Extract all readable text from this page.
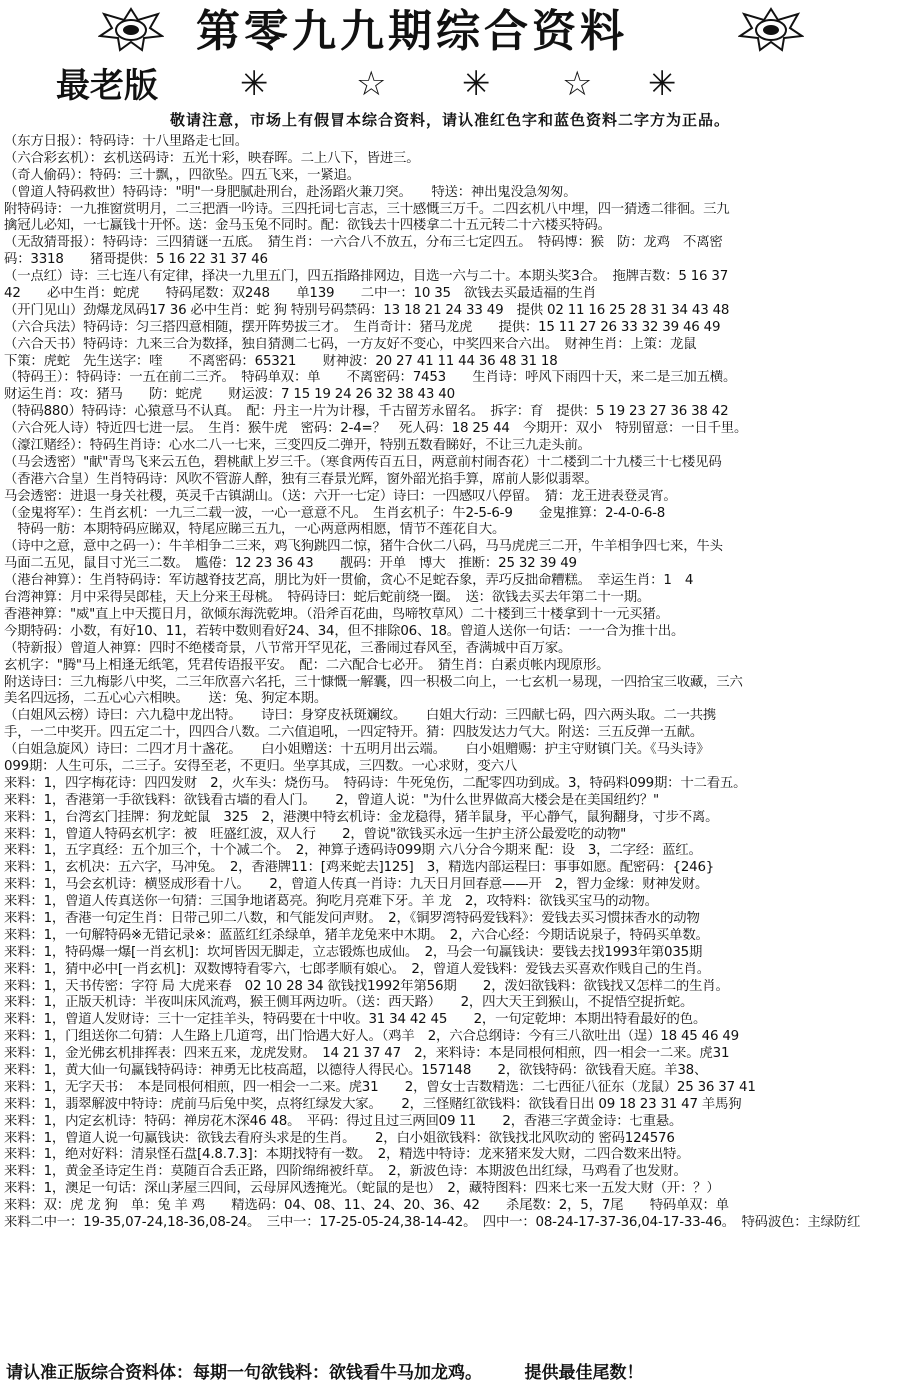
第零九九期综合资料
最老版 ✳	☆ ✳ ☆ ✳
敬请注意，市场上有假冒本综合资料，请认准红色字和蓝色资料二字方为正品。
（东方日报）：特码诗：十八里路走七回。
（六合彩玄机）：玄机送码诗：五光十彩，映春晖。二上八下，皆进三。
（奇人偷码）：特码：三十飘，，四欲坠。四五飞来，一紧追。
（曾道人特码救世）特码诗："明"一身肥腻赴刑台，赴汤蹈火兼刀突。　　特送：神出鬼没急匆匆。
附特码诗：一九推窗赏明月，二三把酒一吟诗。三四托词七言志，三十感慨三万千。二四玄机八中埋，四一猜透二徘徊。三九
擒冠儿必知，一七赢钱十开怀。送：金马玉兔不同时。配：欲钱去十四楼拿二十五元转二十六楼买特码。
（无敌猜哥报）：特码诗：三四猜谜一五底。　猜生肖：一六合八不放五，分布三七定四五。　特码博：猴　防：龙鸡　不离密
码：3318　　猪哥提供：5 16 22 31 37 46
（一点红）诗：三七连八有定律，择决一九里五门，四五指路排网边，目选一六与二十。本期头奖3合。　拖牌吉数：5 16 37
42　　必中生肖：蛇虎　　特码尾数：双248　　单139　　二中一：10 35　欲钱去买最适福的生肖
（开门见山）劲爆龙凤码17 36 必中生肖：蛇 狗 特别号码禁码：13 18 21 24 33 49　提供 02 11 16 25 28 31 34 43 48
（六合兵法）特码诗：匀三搭四意相随，摆开阵势拔三才。　生肖奇计：猪马龙虎　　提供：15 11 27 26 33 32 39 46 49
（六合天书）特码诗：九来三合为数择，独自猜测二七码，一方友好不变心，中奖四来合六出。　财神生肖：上策：龙鼠
下策：虎蛇　先生送字：喹　　不离密码：65321　　财神波：20 27 41 11 44 36 48 31 18
（特码王）：特码诗：一五在前二三齐。　特码单双：单　　不离密码：7453　　生肖诗：呼风下雨四十天，来二是三加五横。
财运生肖：攻：猪马　　防：蛇虎　　财运波：7 15 19 24 26 32 38 43 40
（特码880）特码诗：心猿意马不认真。　配：丹主一片为计穆，千古留芳永留名。　拆字：育　提供：5 19 23 27 36 38 42
（六合死人诗）特近四七进一层。　生肖：猴牛虎　密码：2-4=？　死人码：18 25 44　今期开：双小　特别留意：一日千里。
（濠江赌经）：特码生肖诗：心水二八一七来，三变四反二弹开，特别五数看睇好，不让三九走头前。
（马会透密）"献"青鸟飞来云五色，碧桃献上岁三千。（寒食两传百五日，两意前村闹杏花）十二楼到二十九楼三十七楼见码
（香港六合皇）生肖特码诗：风吹不管游人醉，独有三春景光辉，窗外韶光掐手算，席前人影似翡翠。
马会透密：进退一身关社稷，英灵千古镇湖山。（送：六开一七定）诗曰：一四感叹八停留。　猜：龙王进表登灵宵。
（金鬼将军）：生肖玄机：一九三二载一波，一心一意意不凡。　生肖玄机子：牛2-5-6-9　　金鬼推算：2-4-0-6-8
　特码一舫：本期特码应睇双，特尾应睇三五九，一心两意两相愿，情节不莲花自大。
（诗中之意，意中之码一）：牛羊相争二三来，鸡飞狗跳四二惊，猪牛合伙二八码，马马虎虎三二开，牛羊相争四七来，牛头
马面二五见，鼠目寸光三二数。　尴倦：12 23 36 43　　靓码：开单　博大　推断：25 32 39 49
（港台神算）：生肖特码诗：军访越脊技艺高，朋比为奸一贯偷，贪心不足蛇吞象，弄巧反拙命糟糕。　幸运生肖：1　4
台湾神算：月中采得吴郎桂，天上分来王母桃。　特码诗曰：蛇后蛇前绕一圈。　送：欲钱去买去年第二十一期。
香港神算："威"直上中天揽日月，欲倾东海洗乾坤。（沿斧百花曲，鸟啼牧草风）二十楼到三十楼拿到十一元买猪。
今期特码：小数，有好10、11，若转中数则看好24、34，但不排除06、18。曾道人送你一句话：一一合为推十出。
（特新报）曾道人神算：四时不绝楼奇景，八节常开罕见花，三番闹过春风至，香满城中百万家。
玄机字："腾"马上相逢无纸笔，凭君传语报平安。　配：二六配合七必开。　猜生肖：白素贞帐内现原形。
附送诗曰：三九梅影八中奖，二三年欣喜六名托，三十慷慨一解囊，四一积极二向上，一七玄机一易现，一四拾宝三收藏，三六
美名四远扬，二五心心六相映。　　送：兔、狗定本期。
（白姐风云榜）诗曰：六九稳中龙出特。　　诗曰：身穿皮袄斑斓纹。　　白姐大行动：三四献七码，四六两头取。二一共携
手，一二中奖开。四五定二十，四四合八数。二六值追吼，一四定特开。猜：四肢发达力气大。附送：三五反弹一五献。
（白姐急旋风）诗曰：二四才月十盏花。　　白小姐赠送：十五明月出云端。　　白小姐赠赐：护主守财镇门关。《马头诗》
099期：人生可乐，二三子。安得至老，不更归。坐享其成，三四数。一心求财，变六八
来料：1，四字梅花诗：四四发财　2，火车头：烧伤马。　特码诗：牛死兔伤，二配零四功到成。3，特码料099期：十二看五。
来料：1，香港第一手欲钱料：欲钱看古墙的看人门。　　2，曾道人说："为什么世界做高大楼会是在美国纽约？"
来料：1，台湾玄门挂牌：狗龙蛇鼠　325　2，港澳中特玄机诗：金龙稳得，猪羊鼠身，平心静气，鼠狗翻身，寸步不离。
来料：1，曾道人特码玄机字：被　旺盛红波，双人行　　2，曾说"欲钱买永远一生护主济公最爱吃的动物"
来料：1，五字真经：五个加三个，十个减二个。　2，神算子透码诗099期 六八分合今期来 配：设　3，二字经：蓝红。
来料：1，玄机决：五六字，马冲兔。　2，香港牌11：[鸡来蛇去]125]　3，精选内部运程曰：事事如愿。配密码：{246}
来料：1，马会玄机诗：横竖成形看十八。　　2，曾道人传真一肖诗：九天日月回春意——开　2，智力金缘：财神发财。
来料：1，曾道人传真送你一句猜：三国争地诸葛亮。狗吃月亮难下牙。羊 龙　2，攻特料：欲钱买宝马的动物。
来料：1，香港一句定生肖：日带己卯二八数，和气能发问声财。　2，《铜罗湾特码爱钱料》：爱钱去买习惯抹香水的动物
来料：1，一句解特码※无错记录※：蓝蓝红红杀绿单，猪羊龙兔来中木期。　2，六合心经：今期话说泉子，特码买单数。
来料：1，特码爆一爆[一肖玄机]：坎坷皆因无脚走，立志锻炼也成仙。　2，马会一句赢钱诀：要钱去找1993年第035期
来料：1，猜中必中[一肖玄机]：双数博特看零六，七郎孝顺有娘心。　2，曾道人爱钱料：爱钱去买喜欢作贱自己的生肖。
来料：1，天书传密：字符 局 大虎来春　02 10 28 34 欲钱找1992年第56期　　2，泼妇欲钱料：欲钱找又怎样二的生肖。
来料：1，正版天机诗：半夜叫床风流鸡，猴王侧耳两边听。（送：西天路）　　2，四大天王到猴山，不捉悟空捉折蛇。
来料：1，曾道人发财诗：三十一定挂羊头，特码要在十中收。31 34 42 45　　2，一句定乾坤：本期出特看最好的色。
来料：1，门组送你二句猜：人生路上几道弯，出门恰遇大好人。（鸡羊　2，六合总纲诗：今有三八欲吐出（逞）18 45 46 49
来料：1，金光佛玄机排挥表：四来五来，龙虎发财。　14 21 37 47　2，来料诗：本是同根何相煎，四一相会一二来。虎31
来料：1，黄大仙一句赢钱特码诗：神勇无比枝高超，以德待人得民心。157148　　2，欲钱特码：欲钱看天庭。羊38、
来料：1，无字天书：　本是同根何相煎，四一相会一二来。虎31　　2，曾女士吉数精选：二七西征八征东（龙鼠）25 36 37 41
来料：1，翡翠解波中特诗：虎前马后兔中奖，点将红绿发大家。　　2，三怪赌红欲钱料：欲钱看日出 09 18 23 31 47 羊馬狗
来料：1，内定玄机诗：特码：禅房花木深46 48。　平码：得过且过三两回09 11　　2，香港三字黄金诗：七重悬。
来料：1，曾道人说一句赢钱诀：欲钱去看府头求是的生肖。　　2，白小姐欲钱料：欲钱找北风吹动的 密码124576
来料：1，绝对好料：清泉怪石盘[4.8.7.3]：本期找特有一数。　2，精选中特诗：龙来猪来发大财，二四合数来出特。
来料：1，黄金圣诗定生肖：莫随百合丢正路，四阶绵绵被纤草。　2，新波色诗：本期波色出红绿，马鸡看了也发财。
来料：1，澳足一句话：深山茅屋三四间，云母屏风透掩光。（蛇鼠的是也）　2，藏特图料：四来七来一五发大财（开：？）
来料：双：虎 龙 狗　单：兔 羊 鸡　　精选码：04、08、11、24、20、36、42　　杀尾数：2，5，7尾　　特码单双：单
来料二中一：19-35,07-24,18-36,08-24。　三中一：17-25-05-24,38-14-42。　四中一：08-24-17-37-36,04-17-33-46。　特码波色：主绿防红
请认准正版综合资料体：每期一句欲钱料：欲钱看牛马加龙鸡。　　　提供最佳尾数！
